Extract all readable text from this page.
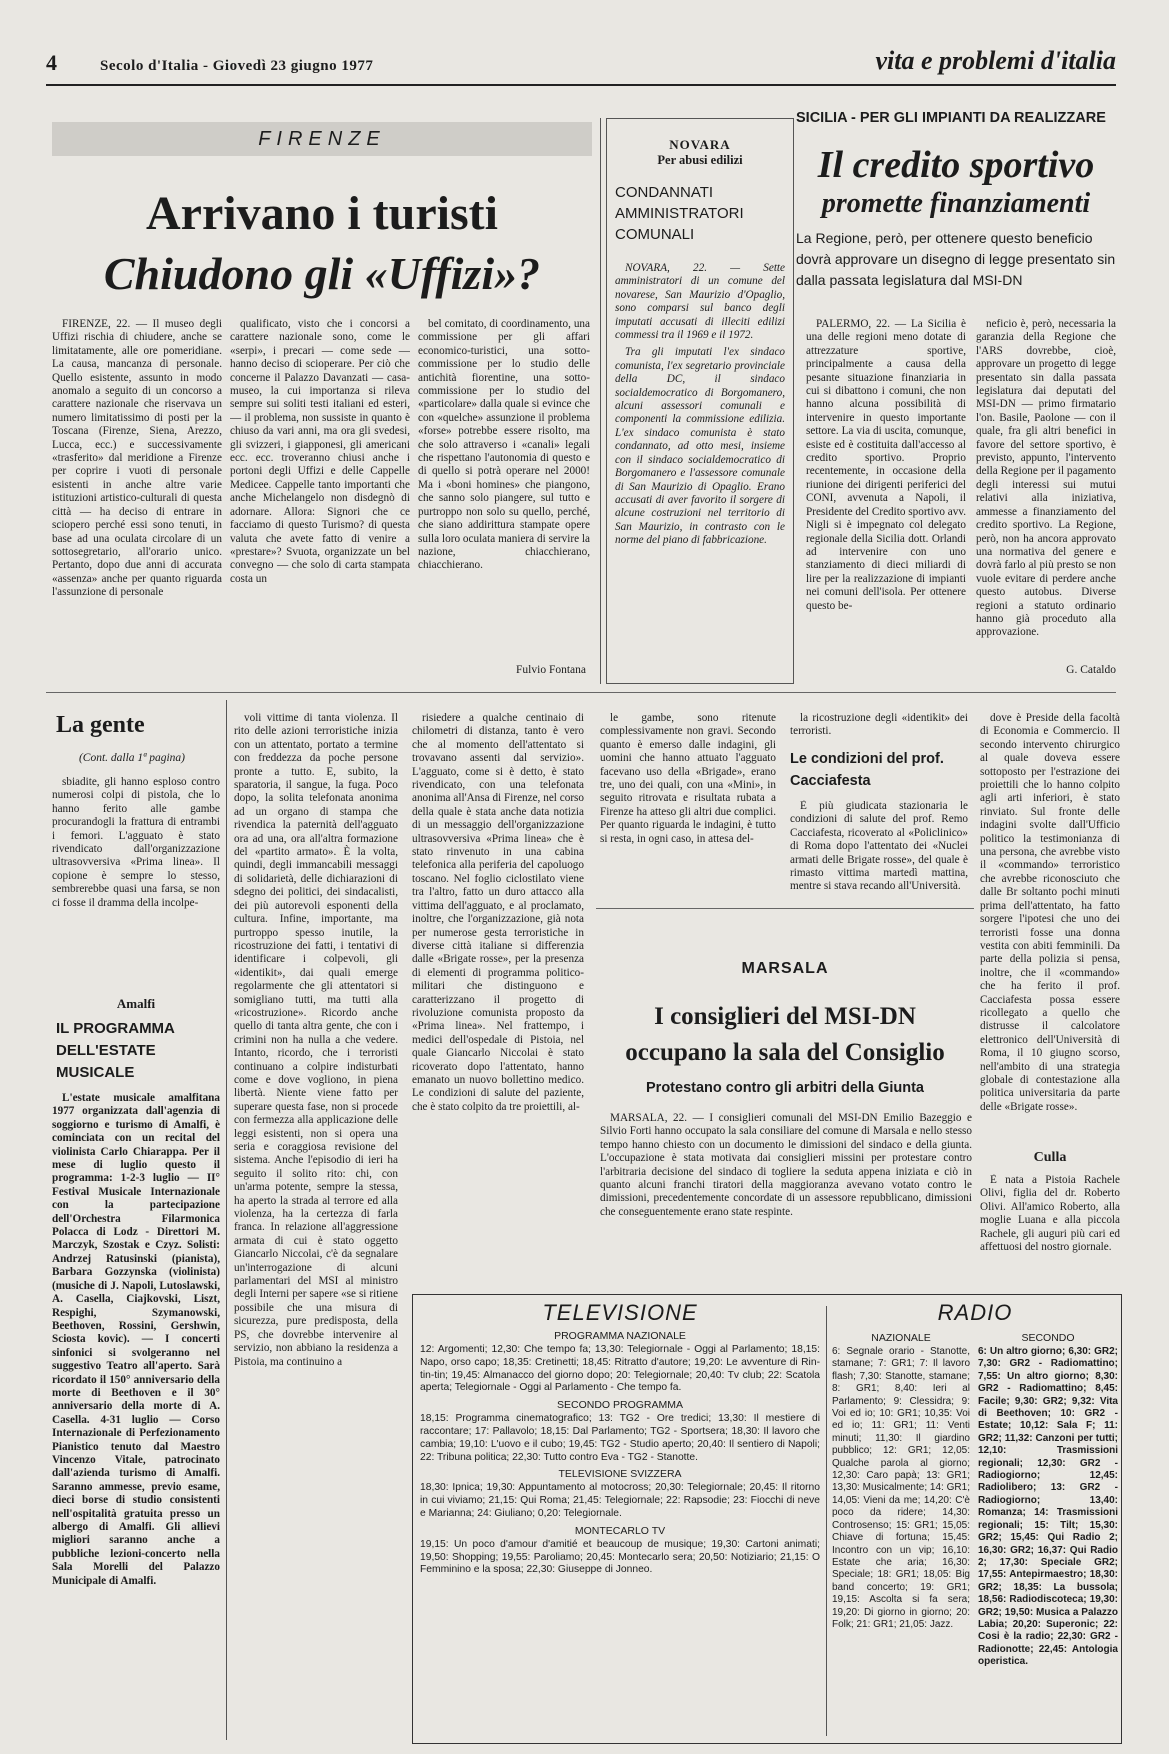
4	Secolo d'Italia - Giovedì 23 giugno 1977	vita e problemi d'italia
FIRENZE
Arrivano i turisti
Chiudono gli «Uffizi»?

FIRENZE, 22. — Il museo degli Uffizi rischia di chiudere, anche se limitatamente, alle ore pomeridiane. La causa, mancanza di personale. Quello esistente, assunto in modo anomalo a seguito di un concorso a carattere nazionale che riservava un numero limitatissimo di posti per la Toscana (Firenze, Siena, Arezzo, Lucca, ecc.) e successivamente «trasferito» dal meridione a Firenze per coprire i vuoti di personale esistenti in anche altre varie istituzioni artistico-culturali di questa città — ha deciso di entrare in sciopero perché essi sono tenuti, in base ad una oculata circolare di un sottosegretario, all'orario unico. Pertanto, dopo due anni di accurata «assenza» anche per quanto riguarda l'assunzione di personale

qualificato, visto che i concorsi a carattere nazionale sono, come le «serpi», i precari — come sede — hanno deciso di scioperare. Per ciò che concerne il Palazzo Davanzati — casa-museo, la cui importanza si rileva sempre sui soliti testi italiani ed esteri, — il problema, non sussiste in quanto è chiuso da vari anni, ma ora gli svedesi, gli svizzeri, i giapponesi, gli americani ecc. ecc. troveranno chiusi anche i portoni degli Uffizi e delle Cappelle Medicee. Cappelle tanto importanti che anche Michelangelo non disdegnò di adornare. Allora: Signori che ce facciamo di questo Turismo? di questa valuta che avete fatto di venire a «prestare»? Svuota, organizzate un bel convegno — che solo di carta stampata costa un

bel comitato, di coordinamento, una commissione per gli affari economico-turistici, una sotto-commissione per lo studio delle antichità fiorentine, una sotto-commissione per lo studio del «particolare» dalla quale si evince che con «quelche» assunzione il problema «forse» potrebbe essere risolto, ma che solo attraverso i «canali» legali che rispettano l'autonomia di questo e di quello si potrà operare nel 2000! Ma i «boni homines» che piangono, che sanno solo piangere, sul tutto e purtroppo non solo su quello, perché, che siano addirittura stampate opere sulla loro oculata maniera di servire la nazione, chiacchierano, chiacchierano.

Fulvio Fontana
NOVARA
Per abusi edilizi
CONDANNATI AMMINISTRATORI COMUNALI

NOVARA, 22. — Sette amministratori di un comune del novarese, San Maurizio d'Opaglio, sono comparsi sul banco degli imputati accusati di illeciti edilizi commessi tra il 1969 e il 1972.

Tra gli imputati l'ex sindaco comunista, l'ex segretario provinciale della DC, il sindaco socialdemocratico di Borgomanero, alcuni assessori comunali e componenti la commissione edilizia. L'ex sindaco comunista è stato condannato, ad otto mesi, insieme con il sindaco socialdemocratico di Borgomanero e l'assessore comunale di San Maurizio di Opaglio. Erano accusati di aver favorito il sorgere di alcune costruzioni nel territorio di San Maurizio, in contrasto con le norme del piano di fabbricazione.

SICILIA - PER GLI IMPIANTI DA REALIZZARE
Il credito sportivo
promette finanziamenti
La Regione, però, per ottenere questo beneficio dovrà approvare un disegno di legge presentato sin dalla passata legislatura dal MSI-DN

PALERMO, 22. — La Sicilia è una delle regioni meno dotate di attrezzature sportive, principalmente a causa della pesante situazione finanziaria in cui si dibattono i comuni, che non hanno alcuna possibilità di intervenire in questo importante settore. La via di uscita, comunque, esiste ed è costituita dall'accesso al credito sportivo. Proprio recentemente, in occasione della riunione dei dirigenti periferici del CONI, avvenuta a Napoli, il Presidente del Credito sportivo avv. Nigli si è impegnato col delegato regionale della Sicilia dott. Orlandi ad intervenire con uno stanziamento di dieci miliardi di lire per la realizzazione di impianti nei comuni dell'isola. Per ottenere questo be-

neficio è, però, necessaria la garanzia della Regione che l'ARS dovrebbe, cioè, approvare un progetto di legge presentato sin dalla passata legislatura dai deputati del MSI-DN — primo firmatario l'on. Basile, Paolone — con il quale, fra gli altri benefici in favore del settore sportivo, è previsto, appunto, l'intervento della Regione per il pagamento degli interessi sui mutui relativi alla iniziativa, ammesse a finanziamento del credito sportivo. La Regione, però, non ha ancora approvato una normativa del genere e dovrà farlo al più presto se non vuole evitare di perdere anche questo autobus. Diverse regioni a statuto ordinario hanno già proceduto alla approvazione.

G. Cataldo
La gente
(Cont. dalla 1ª pagina)

sbiadite, gli hanno esploso contro numerosi colpi di pistola, che lo hanno ferito alle gambe procurandogli la frattura di entrambi i femori. L'agguato è stato rivendicato dall'organizzazione ultrasovversiva «Prima linea». Il copione è sempre lo stesso, sembrerebbe quasi una farsa, se non ci fosse il dramma della incolpe-

Amalfi
IL PROGRAMMA DELL'ESTATE MUSICALE

L'estate musicale amalfitana 1977 organizzata dall'agenzia di soggiorno e turismo di Amalfi, è cominciata con un recital del violinista Carlo Chiarappa. Per il mese di luglio questo il programma: 1-2-3 luglio — II° Festival Musicale Internazionale con la partecipazione dell'Orchestra Filarmonica Polacca di Lodz - Direttori M. Marczyk, Szostak e Czyz. Solisti: Andrzej Ratusinski (pianista), Barbara Gozzynska (violinista) (musiche di J. Napoli, Lutoslawski, A. Casella, Ciajkovski, Liszt, Respighi, Szymanowski, Beethoven, Rossini, Gershwin, Sciosta kovic). — I concerti sinfonici si svolgeranno nel suggestivo Teatro all'aperto. Sarà ricordato il 150° anniversario della morte di Beethoven e il 30° anniversario della morte di A. Casella. 4-31 luglio — Corso Internazionale di Perfezionamento Pianistico tenuto dal Maestro Vincenzo Vitale, patrocinato dall'azienda turismo di Amalfi. Saranno ammesse, previo esame, dieci borse di studio consistenti nell'ospitalità gratuita presso un albergo di Amalfi. Gli allievi migliori saranno anche a pubbliche lezioni-concerto nella Sala Morelli del Palazzo Municipale di Amalfi.

voli vittime di tanta violenza. Il rito delle azioni terroristiche inizia con un attentato, portato a termine con freddezza da poche persone pronte a tutto. E, subito, la sparatoria, il sangue, la fuga. Poco dopo, la solita telefonata anonima ad un organo di stampa che rivendica la paternità dell'agguato ora ad una, ora all'altra formazione del «partito armato». È la volta, quindi, degli immancabili messaggi di solidarietà, delle dichiarazioni di sdegno dei politici, dei sindacalisti, dei più autorevoli esponenti della cultura. Infine, importante, ma purtroppo spesso inutile, la ricostruzione dei fatti, i tentativi di identificare i colpevoli, gli «identikit», dai quali emerge regolarmente che gli attentatori si somigliano tutti, ma tutti alla «ricostruzione». Ricordo anche quello di tanta altra gente, che con i crimini non ha nulla a che vedere. Intanto, ricordo, che i terroristi continuano a colpire indisturbati come e dove vogliono, in piena libertà. Niente viene fatto per superare questa fase, non si procede con fermezza alla applicazione delle leggi esistenti, non si opera una seria e coraggiosa revisione del sistema. Anche l'episodio di ieri ha seguito il solito rito: chi, con un'arma potente, sempre la stessa, ha aperto la strada al terrore ed alla violenza, ha la certezza di farla franca. In relazione all'aggressione armata di cui è stato oggetto Giancarlo Niccolai, c'è da segnalare un'interrogazione di alcuni parlamentari del MSI al ministro degli Interni per sapere «se si ritiene possibile che una misura di sicurezza, pure predisposta, della PS, che dovrebbe intervenire al servizio, non abbiano la residenza a Pistoia, ma continuino a

risiedere a qualche centinaio di chilometri di distanza, tanto è vero che al momento dell'attentato si trovavano assenti dal servizio». L'agguato, come si è detto, è stato rivendicato, con una telefonata anonima all'Ansa di Firenze, nel corso della quale è stata anche data notizia di un messaggio dell'organizzazione ultrasovversiva «Prima linea» che è stato rinvenuto in una cabina telefonica alla periferia del capoluogo toscano. Nel foglio ciclostilato viene tra l'altro, fatto un duro attacco alla vittima dell'agguato, e al proclamato, inoltre, che l'organizzazione, già nota per numerose gesta terroristiche in diverse città italiane si differenzia dalle «Brigate rosse», per la presenza di elementi di programma politico-militari che distinguono e caratterizzano il progetto di rivoluzione comunista proposto da «Prima linea». Nel frattempo, i medici dell'ospedale di Pistoia, nel quale Giancarlo Niccolai è stato ricoverato dopo l'attentato, hanno emanato un nuovo bollettino medico. Le condizioni di salute del paziente, che è stato colpito da tre proiettili, al-

le gambe, sono ritenute complessivamente non gravi. Secondo quanto è emerso dalle indagini, gli uomini che hanno attuato l'agguato facevano uso della «Brigade», erano tre, uno dei quali, con una «Mini», in seguito ritrovata e risultata rubata a Firenze ha atteso gli altri due complici. Per quanto riguarda le indagini, è tutto si resta, in ogni caso, in attesa del-

la ricostruzione degli «identikit» dei terroristi.

Le condizioni del prof. Cacciafesta

È più giudicata stazionaria le condizioni di salute del prof. Remo Cacciafesta, ricoverato al «Policlinico» di Roma dopo l'attentato dei «Nuclei armati delle Brigate rosse», del quale è rimasto vittima martedì mattina, mentre si stava recando all'Università.

dove è Preside della facoltà di Economia e Commercio. Il secondo intervento chirurgico al quale doveva essere sottoposto per l'estrazione dei proiettili che lo hanno colpito agli arti inferiori, è stato rinviato. Sul fronte delle indagini svolte dall'Ufficio politico la testimonianza di una persona, che avrebbe visto il «commando» terroristico che avrebbe riconosciuto che dalle Br soltanto pochi minuti prima dell'attentato, ha fatto sorgere l'ipotesi che uno dei terroristi fosse una donna vestita con abiti femminili. Da parte della polizia si pensa, inoltre, che il «commando» che ha ferito il prof. Cacciafesta possa essere ricollegato a quello che distrusse il calcolatore elettronico dell'Università di Roma, il 10 giugno scorso, nell'ambito di una strategia globale di contestazione alla politica universitaria da parte delle «Brigate rosse».

Culla

È nata a Pistoia Rachele Olivi, figlia del dr. Roberto Olivi. All'amico Roberto, alla moglie Luana e alla piccola Rachele, gli auguri più cari ed affettuosi del nostro giornale.

MARSALA
I consiglieri del MSI-DN
occupano la sala del Consiglio
Protestano contro gli arbitri della Giunta

MARSALA, 22. — I consiglieri comunali del MSI-DN Emilio Bazeggio e Silvio Forti hanno occupato la sala consiliare del comune di Marsala e nello stesso tempo hanno chiesto con un documento le dimissioni del sindaco e della giunta. L'occupazione è stata motivata dai consiglieri missini per protestare contro l'arbitraria decisione del sindaco di togliere la seduta appena iniziata e ciò in quanto alcuni franchi tiratori della maggioranza avevano votato contro le dimissioni, precedentemente concordate di un assessore repubblicano, dimissioni che conseguentemente erano state respinte.

TELEVISIONE
PROGRAMMA NAZIONALE
12: Argomenti; 12,30: Che tempo fa; 13,30: Telegiornale - Oggi al Parlamento; 18,15: Napo, orso capo; 18,35: Cretinetti; 18,45: Ritratto d'autore; 19,20: Le avventure di Rin-tin-tin; 19,45: Almanacco del giorno dopo; 20: Telegiornale; 20,40: Tv club; 22: Scatola aperta; Telegiornale - Oggi al Parlamento - Che tempo fa.
SECONDO PROGRAMMA
18,15: Programma cinematografico; 13: TG2 - Ore tredici; 13,30: Il mestiere di raccontare; 17: Pallavolo; 18,15: Dal Parlamento; TG2 - Sportsera; 18,30: Il lavoro che cambia; 19,10: L'uovo e il cubo; 19,45: TG2 - Studio aperto; 20,40: Il sentiero di Napoli; 22: Tribuna politica; 22,30: Tutto contro Eva - TG2 - Stanotte.
TELEVISIONE SVIZZERA
18,30: Ipnica; 19,30: Appuntamento al motocross; 20,30: Telegiornale; 20,45: Il ritorno in cui viviamo; 21,15: Qui Roma; 21,45: Telegiornale; 22: Rapsodie; 23: Fiocchi di neve e Marianna; 24: Giuliano; 0,20: Telegiornale.
MONTECARLO TV
19,15: Un poco d'amour d'amitié et beaucoup de musique; 19,30: Cartoni animati; 19,50: Shopping; 19,55: Paroliamo; 20,45: Montecarlo sera; 20,50: Notiziario; 21,15: O Femminino e la sposa; 22,30: Giuseppe di Jonneo.
RADIO
NAZIONALE
6: Segnale orario - Stanotte, stamane; 7: GR1; 7: Il lavoro flash; 7,30: Stanotte, stamane; 8: GR1; 8,40: Ieri al Parlamento; 9: Clessidra; 9: Voi ed io; 10: GR1; 10,35: Voi ed io; 11: GR1; 11: Venti minuti; 11,30: Il giardino pubblico; 12: GR1; 12,05: Qualche parola al giorno; 12,30: Caro papà; 13: GR1; 13,30: Musicalmente; 14: GR1; 14,05: Vieni da me; 14,20: C'è poco da ridere; 14,30: Controsenso; 15: GR1; 15,05: Chiave di fortuna; 15,45: Incontro con un vip; 16,10: Estate che aria; 16,30: Speciale; 18: GR1; 18,05: Big band concerto; 19: GR1; 19,15: Ascolta si fa sera; 19,20: Di giorno in giorno; 20: Folk; 21: GR1; 21,05: Jazz.
SECONDO
6: Un altro giorno; 6,30: GR2; 7,30: GR2 - Radiomattino; 7,55: Un altro giorno; 8,30: GR2 - Radiomattino; 8,45: Facile; 9,30: GR2; 9,32: Vita di Beethoven; 10: GR2 - Estate; 10,12: Sala F; 11: GR2; 11,32: Canzoni per tutti; 12,10: Trasmissioni regionali; 12,30: GR2 - Radiogiorno; 12,45: Radiolibero; 13: GR2 - Radiogiorno; 13,40: Romanza; 14: Trasmissioni regionali; 15: Tilt; 15,30: GR2; 15,45: Qui Radio 2; 16,30: GR2; 16,37: Qui Radio 2; 17,30: Speciale GR2; 17,55: Antepirmaestro; 18,30: GR2; 18,35: La bussola; 18,56: Radiodiscoteca; 19,30: GR2; 19,50: Musica a Palazzo Labia; 20,20: Superonic; 22: Cosi è la radio; 22,30: GR2 - Radionotte; 22,45: Antologia operistica.
